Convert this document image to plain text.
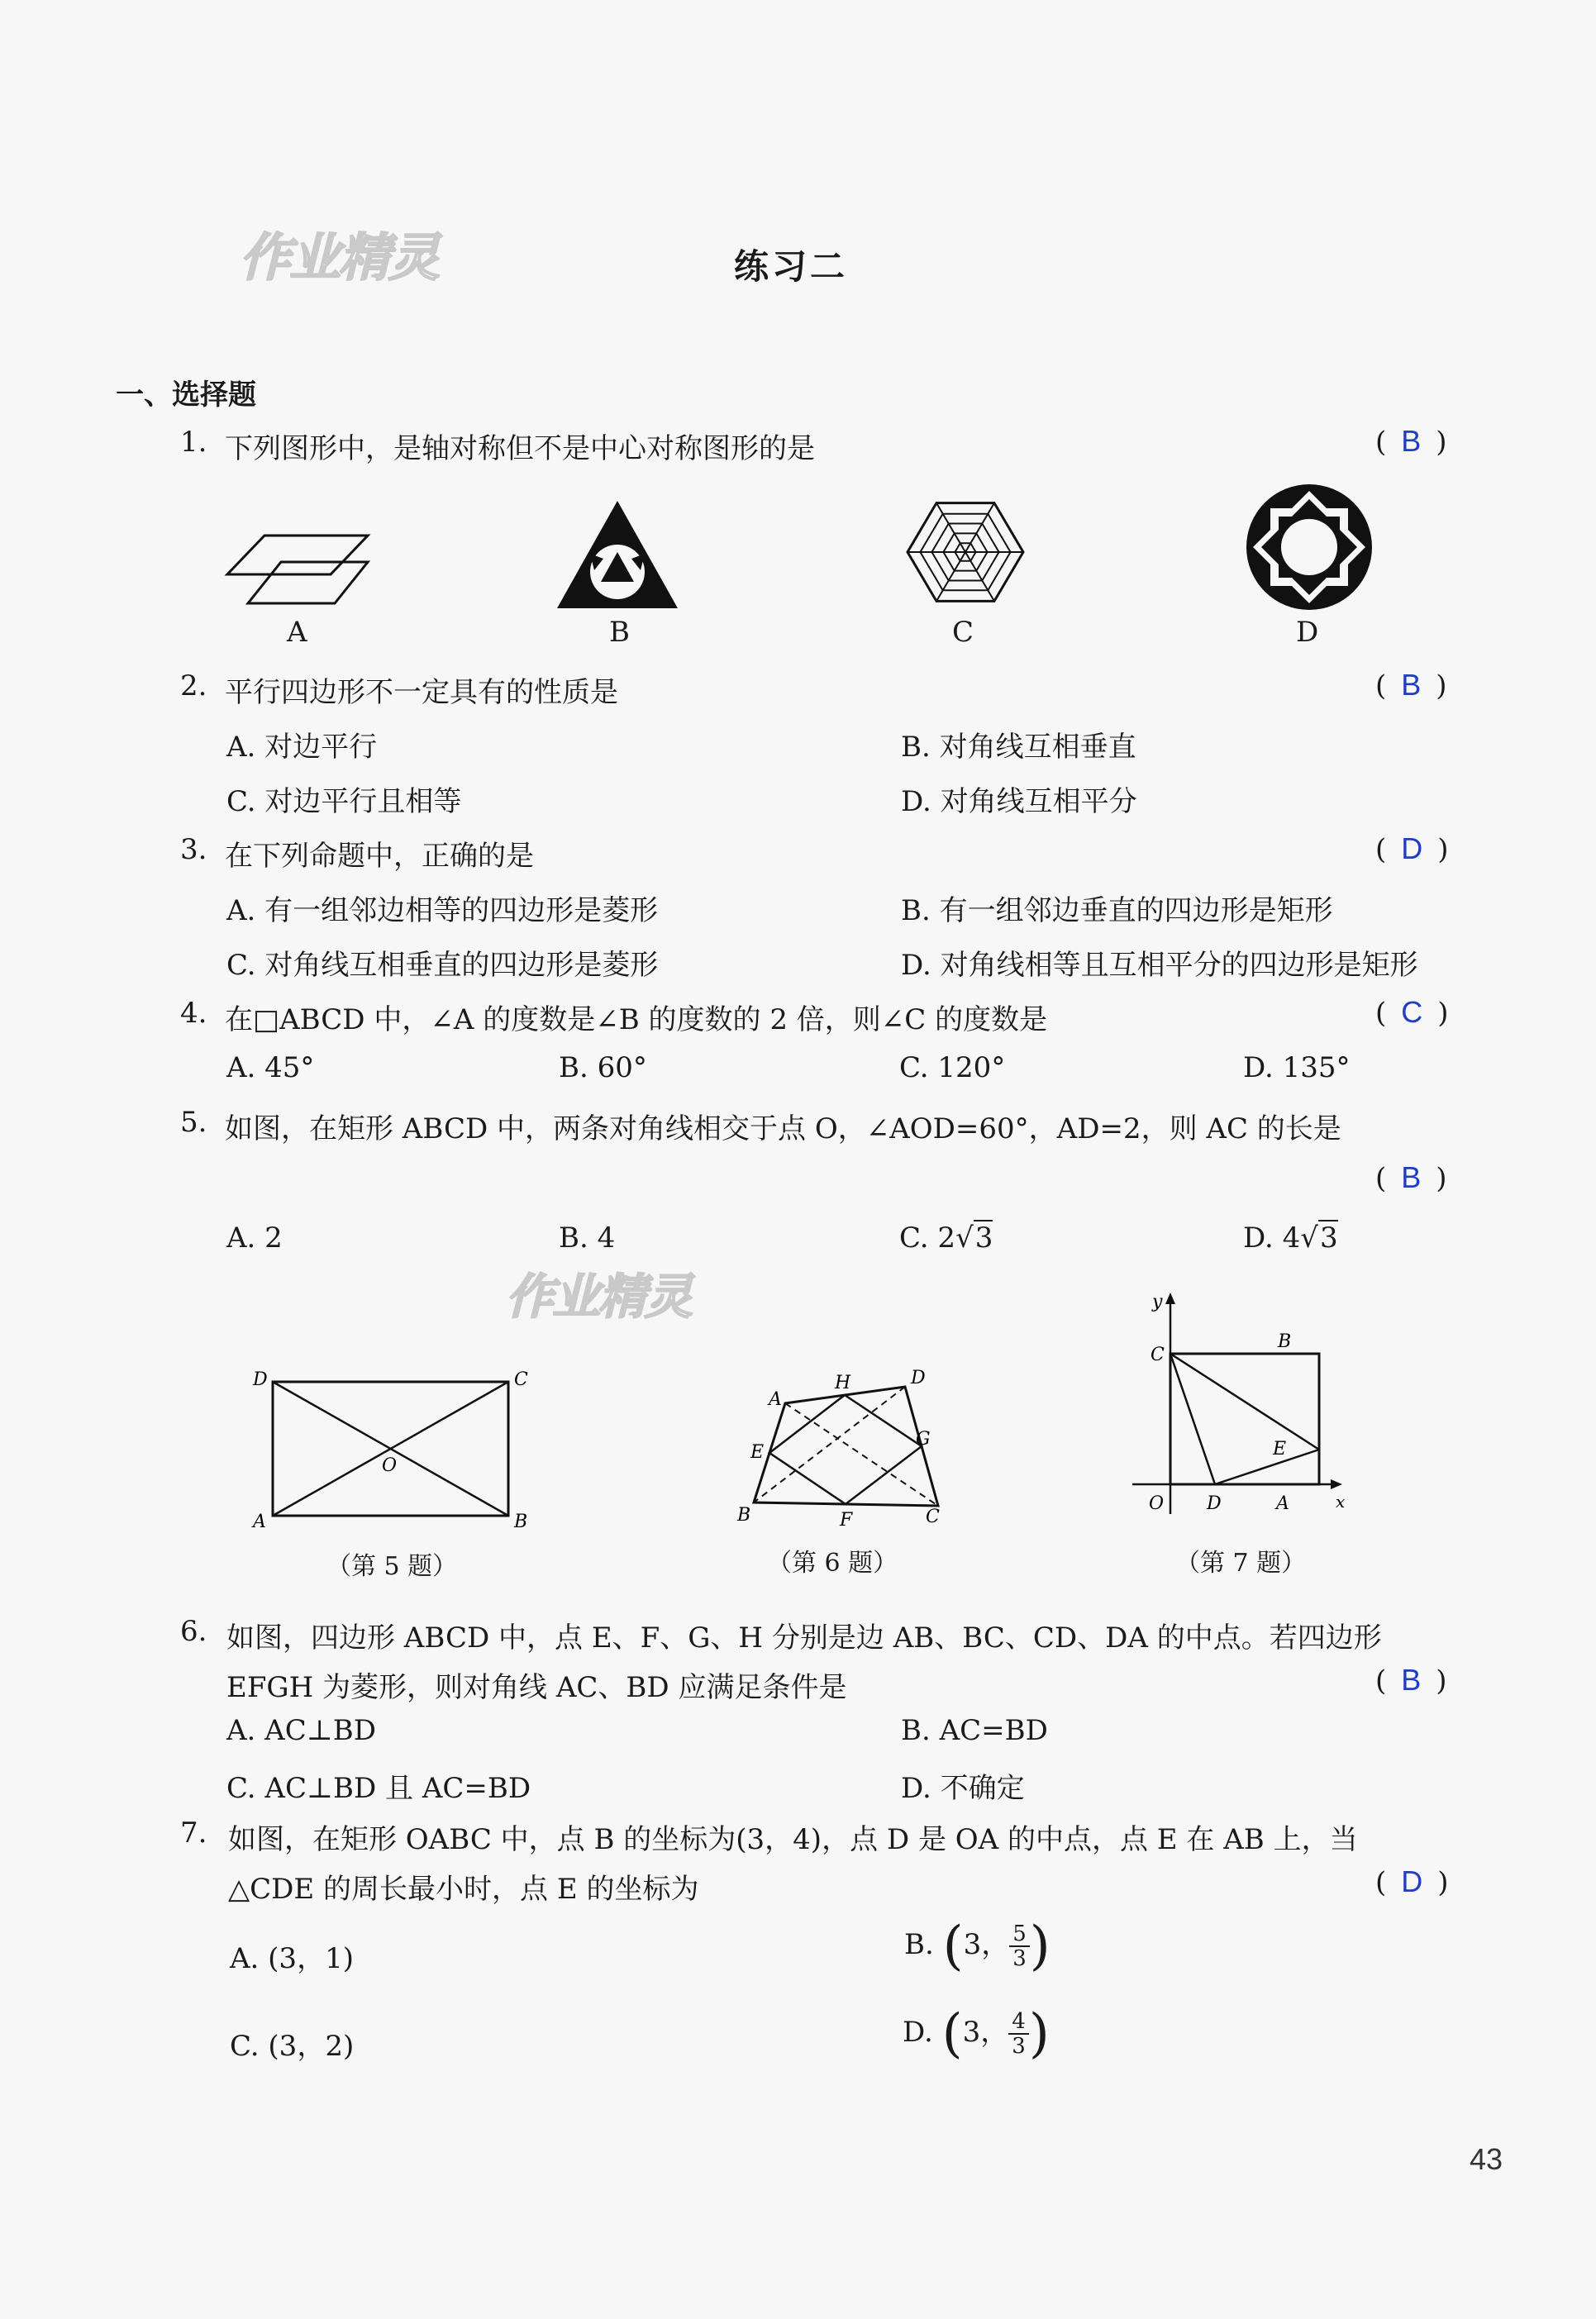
作业精灵
作业精灵
练习二
一、选择题
1. 下列图形中，是轴对称但不是中心对称图形的是	( B )
A	B	C	D
2. 平行四边形不一定具有的性质是	( B )
A. 对边平行	B. 对角线互相垂直
C. 对边平行且相等	D. 对角线互相平分
3. 在下列命题中，正确的是	( D )
A. 有一组邻边相等的四边形是菱形	B. 有一组邻边垂直的四边形是矩形
C. 对角线互相垂直的四边形是菱形	D. 对角线相等且互相平分的四边形是矩形
4. 在□ABCD 中，∠A 的度数是∠B 的度数的 2 倍，则∠C 的度数是	( C )
A. 45°	B. 60°	C. 120°	D. 135°
5. 如图，在矩形 ABCD 中，两条对角线相交于点 O，∠AOD=60°，AD=2，则 AC 的长是
( B )
A. 2	B. 4	C. 2√3	D. 4√3
D	C
A	B
O
（第 5 题）
A
H	D
E
G
B	F	C
（第 6 题）
y
x
O
C
A
D
B
E
（第 7 题）
6. 如图，四边形 ABCD 中，点 E、F、G、H 分别是边 AB、BC、CD、DA 的中点。若四边形
EFGH 为菱形，则对角线 AC、BD 应满足条件是	( B )
A. AC⊥BD	B. AC=BD
C. AC⊥BD 且 AC=BD	D. 不确定
7. 如图，在矩形 OABC 中，点 B 的坐标为(3，4)，点 D 是 OA 的中点，点 E 在 AB 上，当
△CDE 的周长最小时，点 E 的坐标为	( D )
A. (3，1)	B. (3， $\frac{5}{3}$ )
C. (3，2)	D. (3， $\frac{4}{3}$ )
43
